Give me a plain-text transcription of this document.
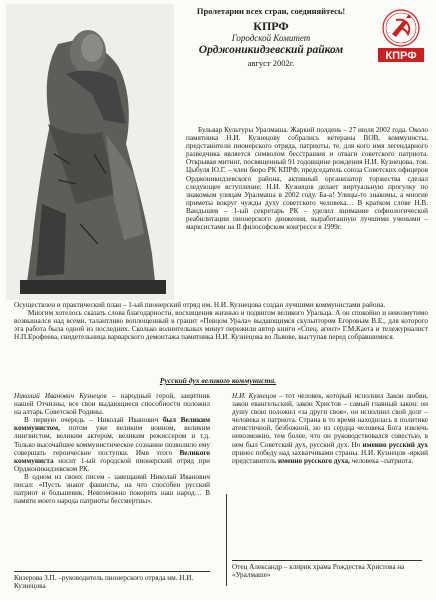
Пролетарии всех стран, соединяйтесь!
КПРФ
Городской Комитет
Орджоникидзевский райком
август 2002г.
КПРФ
Бульвар Культуры Уралмаша. Жаркий полдень – 27 июля 2002 года. Около памятника Н.И. Кузнецову собрались ветераны ВОВ, коммунисты, представители пионерского отряда, патриоты, те, для кого имя легендарного разведчика является символом бесстрашия и отваги советского патриота. Открывая митинг, посвященный 91 годовщине рождения Н.И. Кузнецова, тов. Цыбуля Ю.Г. – член бюро РК КПРФ, председатель союза Советских офицеров Орджоникидзевского района, активный организатор торжества сделал следующее вступление: Н.И. Кузнецов делает виртуальную прогулку по знакомым улицам Уралмаша в 2002 году. Ба-а! Улицы-то знакомы, а многие приметы вокруг чужды духу советского человека… В кратком слове Н.В. Вандышев – 1-ый секретарь РК - уделил внимание софиологической реабилитации пионерского движения, выработанную лучшими учеными – марксистами на II философском конгрессе в 1999г.

Осуществлен и практический план – 1-ый пионерский отряд им. Н.И. Кузнецова создан лучшими коммунистами района.

Многим хотелось сказать слова благодарности, восхищения жизнью и подвигом великого Уральца. А он спокойно и невозмутимо возвышался над всеми, талантливо воплощенный в гранит «Певцом Урала» выдающимся скульптором Егоровым В.Е., для которого эта работа была одной из последних. Сколько волнительных минут пережили автор книги «Спец. агент» Г.М.Каета и тележурналист Н.П.Ерофеева, свидетельница варварского демонтажа памятника Н.И. Кузнецова во Львове, выступая перед собравшимися.

Русский дух великого коммуниста.

Николай Иванович Кузнецов – народный герой, защитник нашей Отчизны, все свои выдающиеся способности положил на алтарь Советской Родины.

В первую очередь – Николай Иванович был Великим коммунистом, потом уже великим воином, великим лингвистом, великим актером, великим режиссером и т.д. Только высочайшее коммунистическое сознание позволило ему совершать героические поступки. Имя этого Великого коммуниста носит 1-ый городской пионерский отряд при Орджоникидзевском РК.

В одном из своих писем - завещаний Николай Иванович писал: «Пусть знают фашисты, на что способен русский патриот и большевик. Невозможно покорить наш народ… В памяти моего народа патриоты бессмертны».

Н.И. Кузнецов – тот человек, который исполнил Закон любви, закон евангельский, закон Христов – самый главный закон: он душу свою положил «за други своя», он исполнил свой долг – человека и патриота. Страна в то время находилась в политике атеистичной, безбожной, но из сердца человека Бога извлечь невозможно, тем более, что он руководствовался совестью, в нем был Советский дух, русский дух. Но именно русский дух принес победу над захватчиками страны. Н.И. Кузнецов -яркий представитель именно русского духа, человека –патриота.

Отец Александр – клирик храма Рождества Христова на «Уралмаше»
Кизерова З.П. –руководитель пионерского отряда им. Н.И. Кузнецова
